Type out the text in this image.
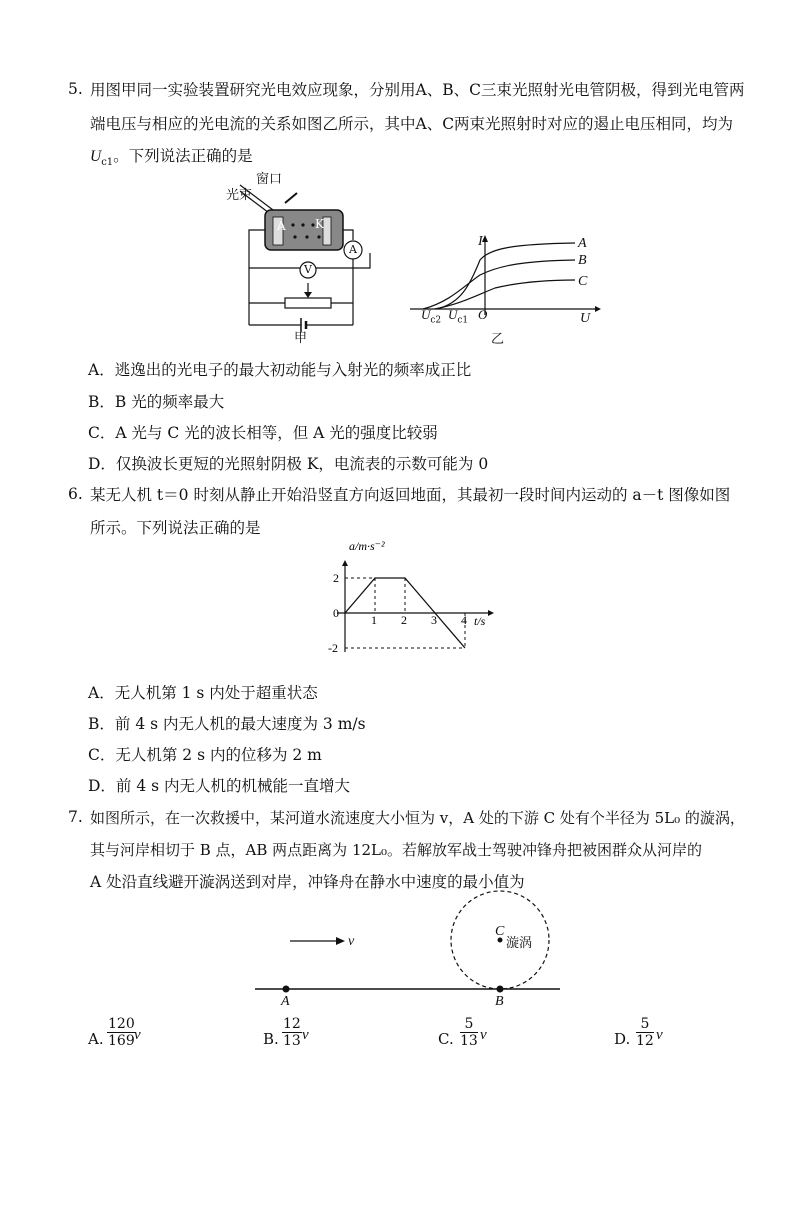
5. 用图甲同一实验装置研究光电效应现象，分别用A、B、C三束光照射光电管阴极，得到光电管两
端电压与相应的光电流的关系如图乙所示，其中A、C两束光照射时对应的遏止电压相同，均为
$U_{c1}$。下列说法正确的是
窗口
光束
A K
A
V
甲
I
U
O
$U_{c2}$ $U_{c1}$
A
B
C
乙
A．逃逸出的光电子的最大初动能与入射光的频率成正比
B．B 光的频率最大
C．A 光与 C 光的波长相等，但 A 光的强度比较弱
D．仅换波长更短的光照射阴极 K，电流表的示数可能为 0
6. 某无人机 t＝0 时刻从静止开始沿竖直方向返回地面，其最初一段时间内运动的 a－t 图像如图
所示。下列说法正确的是
a/m·s⁻²
t/s
0	1 2 3 4
2
-2
A．无人机第 1 s 内处于超重状态
B．前 4 s 内无人机的最大速度为 3 m/s
C．无人机第 2 s 内的位移为 2 m
D．前 4 s 内无人机的机械能一直增大
7. 如图所示，在一次救援中，某河道水流速度大小恒为 v，A 处的下游 C 处有个半径为 5L₀ 的漩涡，
其与河岸相切于 B 点，AB 两点距离为 12L₀。若解放军战士驾驶冲锋舟把被困群众从河岸的
A 处沿直线避开漩涡送到对岸，冲锋舟在静水中速度的最小值为
v
C
漩涡
A	B
A. $\frac{120}{169}$
v	B. $\frac{12}{13}$ v	C. $\frac{5}{13}$ v	D. $\frac{5}{12}$ v
